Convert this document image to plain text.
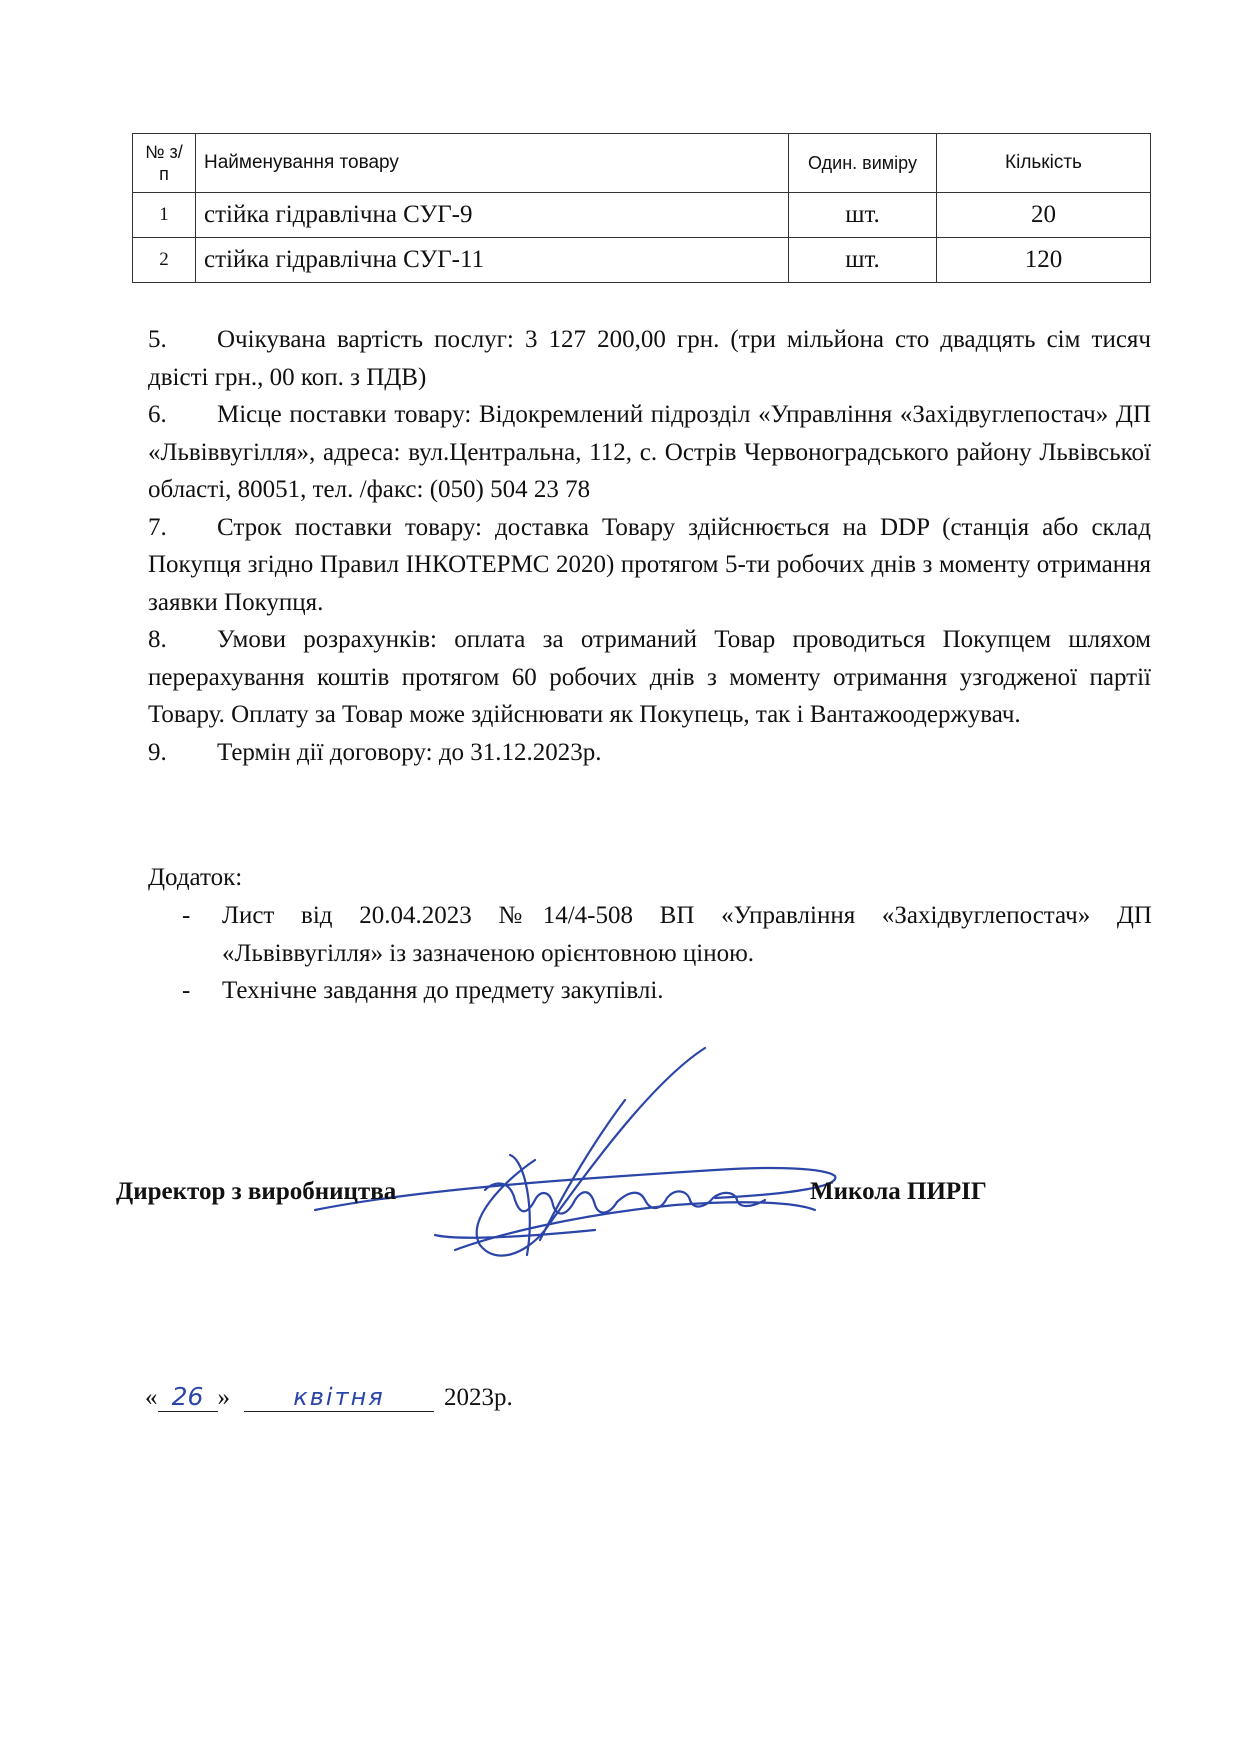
№ з/п	Найменування товару	Один. виміру	Кількість
1	стійка гідравлічна СУГ-9	шт.	20
2	стійка гідравлічна СУГ-11	шт.	120
5. Очікувана вартість послуг: 3 127 200,00 грн. (три мільйона сто двадцять сім тисяч двісті грн., 00 коп. з ПДВ)
6. Місце поставки товару: Відокремлений підрозділ «Управління «Західвуглепостач» ДП «Львіввугілля», адреса: вул.Центральна, 112, с. Острів Червоноградського району Львівської області, 80051, тел. /факс: (050) 504 23 78
7. Строк поставки товару: доставка Товару здійснюється на DDP (станція або склад Покупця згідно Правил ІНКОТЕРМС 2020) протягом 5-ти робочих днів з моменту отримання заявки Покупця.
8. Умови розрахунків: оплата за отриманий Товар проводиться Покупцем шляхом перерахування коштів протягом 60 робочих днів з моменту отримання узгодженої партії Товару. Оплату за Товар може здійснювати як Покупець, так і Вантажоодержувач.
9. Термін дії договору: до 31.12.2023р.
Додаток:
- Лист від 20.04.2023 №14/4-508 ВП «Управління «Західвуглепостач» ДП «Львіввугілля» із зазначеною орієнтовною ціною.
- Технічне завдання до предмету закупівлі.
Директор з виробництва	Микола ПИРІГ
« 26 »	квітня 2023р.
